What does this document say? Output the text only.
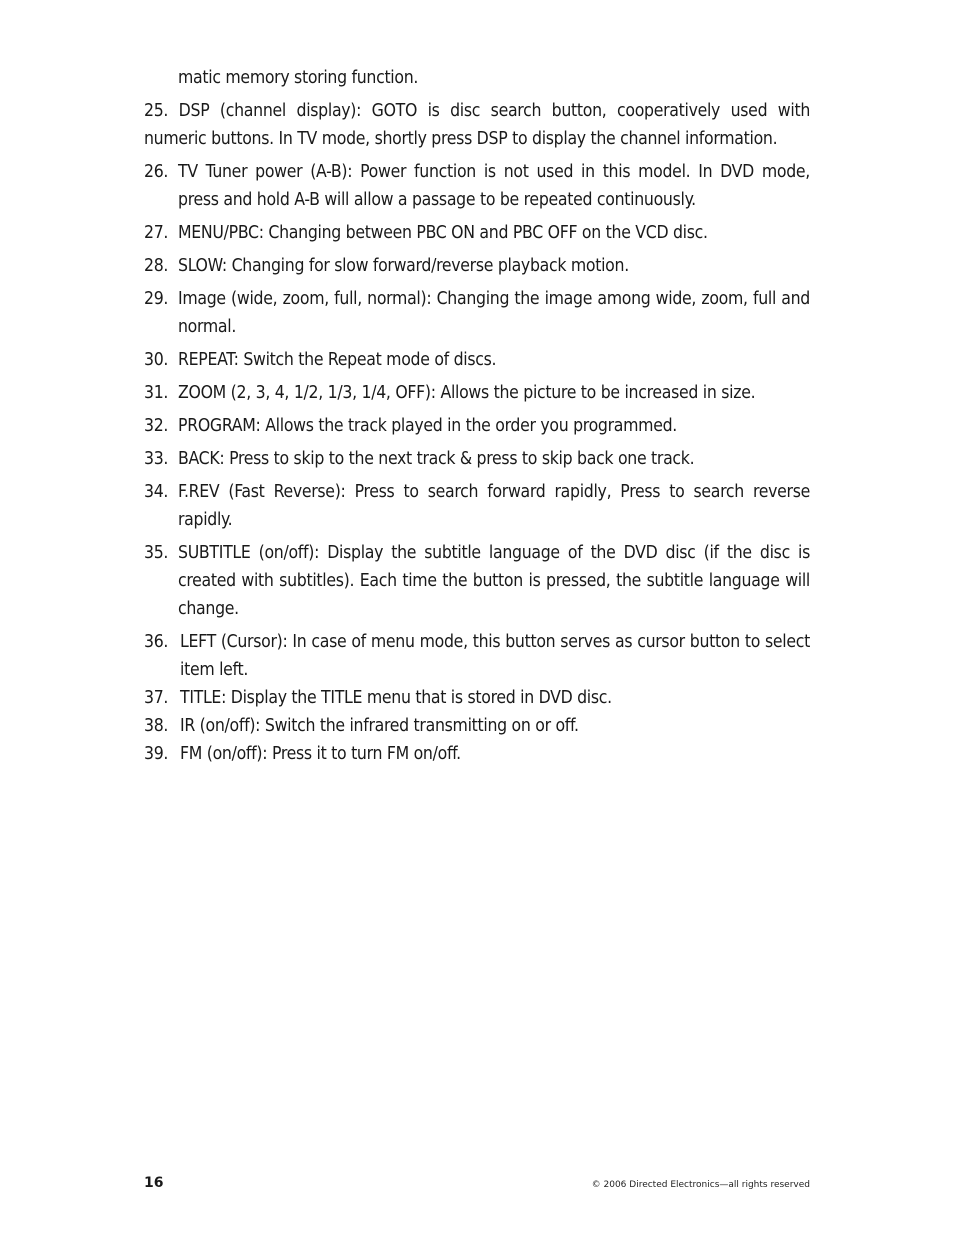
matic memory storing function.
25. DSP (channel display): GOTO is disc search button, cooperatively used with numeric buttons. In TV mode, shortly press DSP to display the channel information.
26. TV Tuner power (A-B): Power function is not used in this model. In DVD mode, press and hold A-B will allow a passage to be repeated continuously.
27. MENU/PBC: Changing between PBC ON and PBC OFF on the VCD disc.
28. SLOW: Changing for slow forward/reverse playback motion.
29. Image (wide, zoom, full, normal): Changing the image among wide, zoom, full and normal.
30. REPEAT: Switch the Repeat mode of discs.
31. ZOOM (2, 3, 4, 1/2, 1/3, 1/4, OFF): Allows the picture to be increased in size.
32. PROGRAM: Allows the track played in the order you programmed.
33. BACK: Press to skip to the next track & press to skip back one track.
34. F.REV (Fast Reverse): Press to search forward rapidly, Press to search reverse rapidly.
35. SUBTITLE (on/off): Display the subtitle language of the DVD disc (if the disc is created with subtitles). Each time the button is pressed, the subtitle language will change.
36. LEFT (Cursor): In case of menu mode, this button serves as cursor button to select item left.
37. TITLE: Display the TITLE menu that is stored in DVD disc.
38. IR (on/off): Switch the infrared transmitting on or off.
39. FM (on/off): Press it to turn FM on/off.
16	© 2006 Directed Electronics—all rights reserved
